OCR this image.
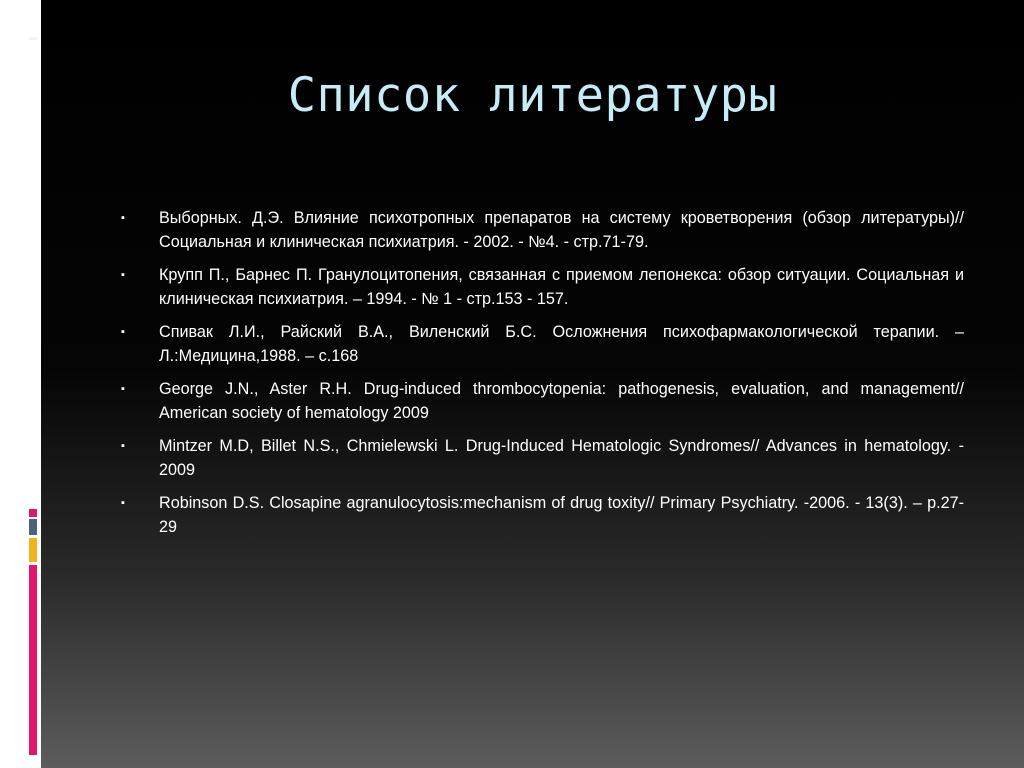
Список литературы
▪ Выборных. Д.Э. Влияние психотропных препаратов на систему кроветворения (обзор литературы)// Социальная и клиническая психиатрия. - 2002. - №4. - стр.71-79.
▪ Крупп П., Барнес П. Гранулоцитопения, связанная с приемом лепонекса: обзор ситуации. Социальная и клиническая психиатрия. – 1994. - № 1 - стр.153 - 157.
▪ Спивак Л.И., Райский В.А., Виленский Б.С. Осложнения психофармакологической терапии. – Л.:Медицина,1988. – с.168
▪ George J.N., Aster R.H. Drug-induced thrombocytopenia: pathogenesis, evaluation, and management// American society of hematology 2009
▪ Mintzer M.D, Billet N.S., Chmielewski L. Drug-Induced Hematologic Syndromes// Advances in hematology. - 2009
▪ Robinson D.S. Closapine agranulocytosis:mechanism of drug toxity// Primary Psychiatry. -2006. - 13(3). – p.27-29
